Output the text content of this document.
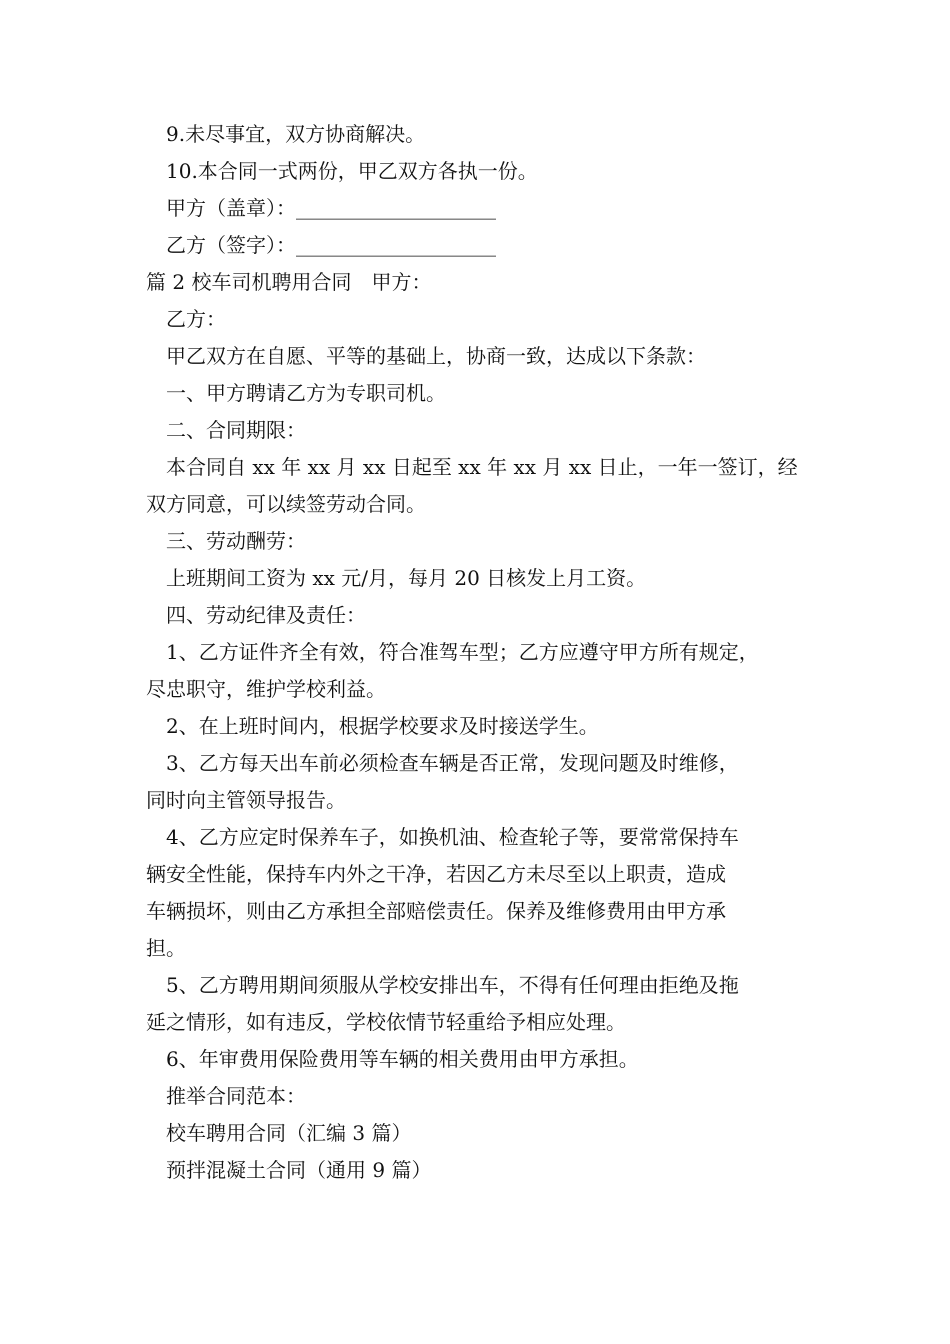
9.未尽事宜，双方协商解决。
10.本合同一式两份，甲乙双方各执一份。
甲方（盖章）：____________________
乙方（签字）：____________________
篇 2 校车司机聘用合同　甲方：
乙方：
甲乙双方在自愿、平等的基础上，协商一致，达成以下条款：
一、甲方聘请乙方为专职司机。
二、合同期限：
本合同自 xx 年 xx 月 xx 日起至 xx 年 xx 月 xx 日止，一年一签订，经
双方同意，可以续签劳动合同。
三、劳动酬劳：
上班期间工资为 xx 元/月，每月 20 日核发上月工资。
四、劳动纪律及责任：
1、乙方证件齐全有效，符合准驾车型；乙方应遵守甲方所有规定，
尽忠职守，维护学校利益。
2、在上班时间内，根据学校要求及时接送学生。
3、乙方每天出车前必须检查车辆是否正常，发现问题及时维修，
同时向主管领导报告。
4、乙方应定时保养车子，如换机油、检查轮子等，要常常保持车
辆安全性能，保持车内外之干净，若因乙方未尽至以上职责，造成
车辆损坏，则由乙方承担全部赔偿责任。保养及维修费用由甲方承
担。
5、乙方聘用期间须服从学校安排出车，不得有任何理由拒绝及拖
延之情形，如有违反，学校依情节轻重给予相应处理。
6、年审费用保险费用等车辆的相关费用由甲方承担。
推举合同范本：
校车聘用合同（汇编 3 篇）
预拌混凝土合同（通用 9 篇）
